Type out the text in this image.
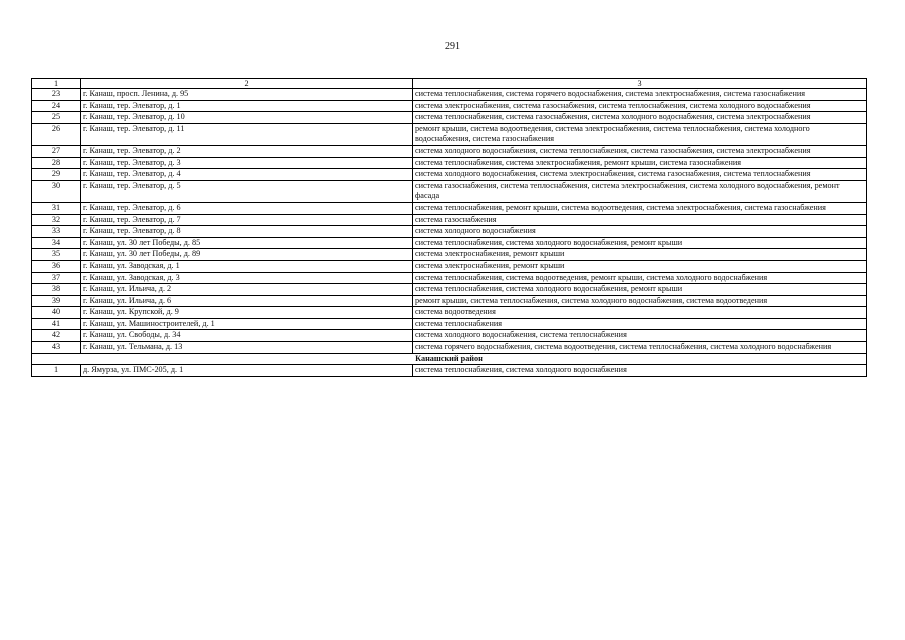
291
1	2	3
23	г. Канаш, просп. Ленина, д. 95	система теплоснабжения, система горячего водоснабжения, система электроснабжения, система газоснабжения
24	г. Канаш, тер. Элеватор, д. 1	система электроснабжения, система газоснабжения, система теплоснабжения, система холодного водоснабжения
25	г. Канаш, тер. Элеватор, д. 10	система теплоснабжения, система газоснабжения, система холодного водоснабжения, система электроснабжения
26	г. Канаш, тер. Элеватор, д. 11	ремонт крыши, система водоотведения, система электроснабжения, система теплоснабжения, система холодного водоснабжения, система газоснабжения
27	г. Канаш, тер. Элеватор, д. 2	система холодного водоснабжения, система теплоснабжения, система газоснабжения, система электроснабжения
28	г. Канаш, тер. Элеватор, д. 3	система теплоснабжения, система электроснабжения, ремонт крыши, система газоснабжения
29	г. Канаш, тер. Элеватор, д. 4	система холодного водоснабжения, система электроснабжения, система газоснабжения, система теплоснабжения
30	г. Канаш, тер. Элеватор, д. 5	система газоснабжения, система теплоснабжения, система электроснабжения, система холодного водоснабжения, ремонт фасада
31	г. Канаш, тер. Элеватор, д. 6	система теплоснабжения, ремонт крыши, система водоотведения, система электроснабжения, система газоснабжения
32	г. Канаш, тер. Элеватор, д. 7	система газоснабжения
33	г. Канаш, тер. Элеватор, д. 8	система холодного водоснабжения
34	г. Канаш, ул. 30 лет Победы, д. 85	система теплоснабжения, система холодного водоснабжения, ремонт крыши
35	г. Канаш, ул. 30 лет Победы, д. 89	система электроснабжения, ремонт крыши
36	г. Канаш, ул. Заводская, д. 1	система электроснабжения, ремонт крыши
37	г. Канаш, ул. Заводская, д. 3	система теплоснабжения, система водоотведения, ремонт крыши, система холодного водоснабжения
38	г. Канаш, ул. Ильича, д. 2	система теплоснабжения, система холодного водоснабжения, ремонт крыши
39	г. Канаш, ул. Ильича, д. 6	ремонт крыши, система теплоснабжения, система холодного водоснабжения, система водоотведения
40	г. Канаш, ул. Крупской, д. 9	система водоотведения
41	г. Канаш, ул. Машиностроителей, д. 1	система теплоснабжения
42	г. Канаш, ул. Свободы, д. 34	система холодного водоснабжения, система теплоснабжения
43	г. Канаш, ул. Тельмана, д. 13	система горячего водоснабжения, система водоотведения, система теплоснабжения, система холодного водоснабжения
Канашский район		
1	д. Ямурза, ул. ПМС-205, д. 1	система теплоснабжения, система холодного водоснабжения
